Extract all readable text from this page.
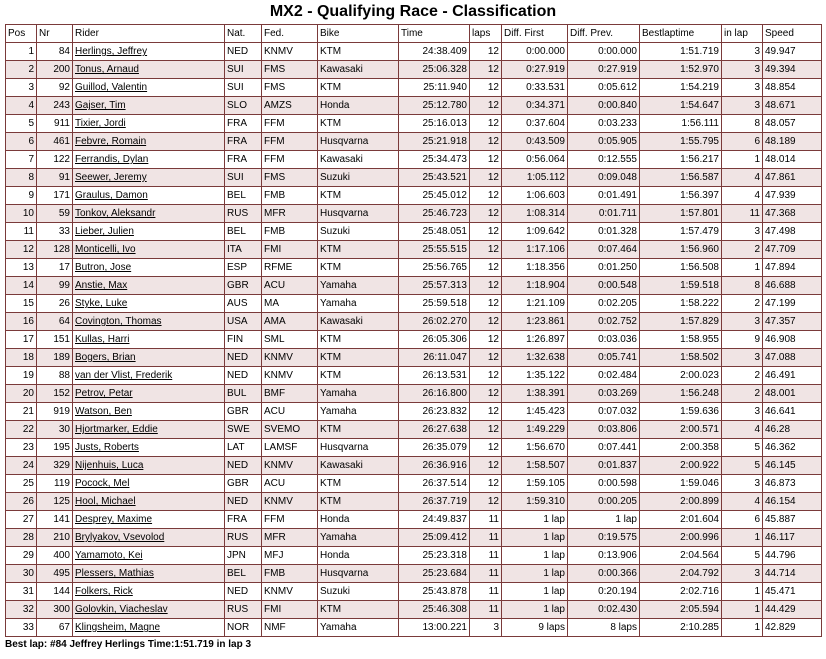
MX2 - Qualifying Race - Classification
Pos	Nr	Rider	Nat.	Fed.	Bike	Time	laps	Diff. First	Diff. Prev.	Bestlaptime	in lap	Speed
1	84	Herlings, Jeffrey	NED	KNMV	KTM	24:38.409	12	0:00.000	0:00.000	1:51.719	3	49.947
2	200	Tonus, Arnaud	SUI	FMS	Kawasaki	25:06.328	12	0:27.919	0:27.919	1:52.970	3	49.394
3	92	Guillod, Valentin	SUI	FMS	KTM	25:11.940	12	0:33.531	0:05.612	1:54.219	3	48.854
4	243	Gajser, Tim	SLO	AMZS	Honda	25:12.780	12	0:34.371	0:00.840	1:54.647	3	48.671
5	911	Tixier, Jordi	FRA	FFM	KTM	25:16.013	12	0:37.604	0:03.233	1:56.111	8	48.057
6	461	Febvre, Romain	FRA	FFM	Husqvarna	25:21.918	12	0:43.509	0:05.905	1:55.795	6	48.189
7	122	Ferrandis, Dylan	FRA	FFM	Kawasaki	25:34.473	12	0:56.064	0:12.555	1:56.217	1	48.014
8	91	Seewer, Jeremy	SUI	FMS	Suzuki	25:43.521	12	1:05.112	0:09.048	1:56.587	4	47.861
9	171	Graulus, Damon	BEL	FMB	KTM	25:45.012	12	1:06.603	0:01.491	1:56.397	4	47.939
10	59	Tonkov, Aleksandr	RUS	MFR	Husqvarna	25:46.723	12	1:08.314	0:01.711	1:57.801	11	47.368
11	33	Lieber, Julien	BEL	FMB	Suzuki	25:48.051	12	1:09.642	0:01.328	1:57.479	3	47.498
12	128	Monticelli, Ivo	ITA	FMI	KTM	25:55.515	12	1:17.106	0:07.464	1:56.960	2	47.709
13	17	Butron, Jose	ESP	RFME	KTM	25:56.765	12	1:18.356	0:01.250	1:56.508	1	47.894
14	99	Anstie, Max	GBR	ACU	Yamaha	25:57.313	12	1:18.904	0:00.548	1:59.518	8	46.688
15	26	Styke, Luke	AUS	MA	Yamaha	25:59.518	12	1:21.109	0:02.205	1:58.222	2	47.199
16	64	Covington, Thomas	USA	AMA	Kawasaki	26:02.270	12	1:23.861	0:02.752	1:57.829	3	47.357
17	151	Kullas, Harri	FIN	SML	KTM	26:05.306	12	1:26.897	0:03.036	1:58.955	9	46.908
18	189	Bogers, Brian	NED	KNMV	KTM	26:11.047	12	1:32.638	0:05.741	1:58.502	3	47.088
19	88	van der Vlist, Frederik	NED	KNMV	KTM	26:13.531	12	1:35.122	0:02.484	2:00.023	2	46.491
20	152	Petrov, Petar	BUL	BMF	Yamaha	26:16.800	12	1:38.391	0:03.269	1:56.248	2	48.001
21	919	Watson, Ben	GBR	ACU	Yamaha	26:23.832	12	1:45.423	0:07.032	1:59.636	3	46.641
22	30	Hjortmarker, Eddie	SWE	SVEMO	KTM	26:27.638	12	1:49.229	0:03.806	2:00.571	4	46.28
23	195	Justs, Roberts	LAT	LAMSF	Husqvarna	26:35.079	12	1:56.670	0:07.441	2:00.358	5	46.362
24	329	Nijenhuis, Luca	NED	KNMV	Kawasaki	26:36.916	12	1:58.507	0:01.837	2:00.922	5	46.145
25	119	Pocock, Mel	GBR	ACU	KTM	26:37.514	12	1:59.105	0:00.598	1:59.046	3	46.873
26	125	Hool, Michael	NED	KNMV	KTM	26:37.719	12	1:59.310	0:00.205	2:00.899	4	46.154
27	141	Desprey, Maxime	FRA	FFM	Honda	24:49.837	11	1 lap	1 lap	2:01.604	6	45.887
28	210	Brylyakov, Vsevolod	RUS	MFR	Yamaha	25:09.412	11	1 lap	0:19.575	2:00.996	1	46.117
29	400	Yamamoto, Kei	JPN	MFJ	Honda	25:23.318	11	1 lap	0:13.906	2:04.564	5	44.796
30	495	Plessers, Mathias	BEL	FMB	Husqvarna	25:23.684	11	1 lap	0:00.366	2:04.792	3	44.714
31	144	Folkers, Rick	NED	KNMV	Suzuki	25:43.878	11	1 lap	0:20.194	2:02.716	1	45.471
32	300	Golovkin, Viacheslav	RUS	FMI	KTM	25:46.308	11	1 lap	0:02.430	2:05.594	1	44.429
33	67	Klingsheim, Magne	NOR	NMF	Yamaha	13:00.221	3	9 laps	8 laps	2:10.285	1	42.829
Best lap: #84 Jeffrey Herlings Time:1:51.719 in lap 3
